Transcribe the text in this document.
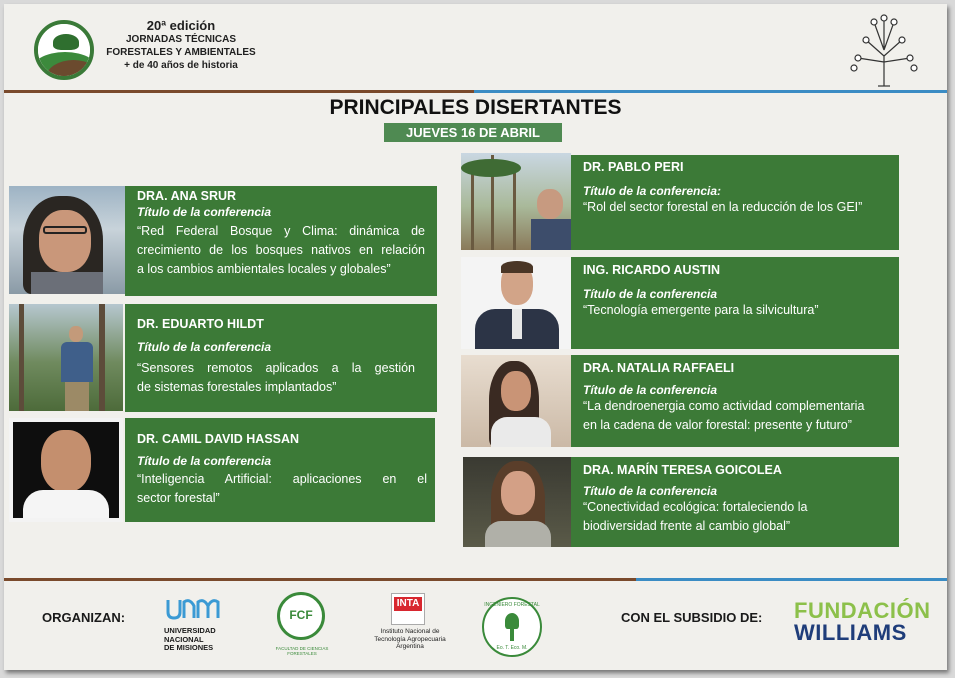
20ª edición
JORNADAS TÉCNICAS
FORESTALES Y AMBIENTALES
+ de 40 años de historia
PRINCIPALES DISERTANTES
JUEVES 16 DE ABRIL
DRA. ANA SRUR
Título de la conferencia
“Red Federal Bosque y Clima: dinámica de
crecimiento de los bosques nativos en relación
a los cambios ambientales locales y globales”
DR. EDUARTO HILDT
Título de la conferencia
“Sensores remotos aplicados a la gestión
de sistemas forestales implantados”
DR. CAMIL DAVID HASSAN
Título de la conferencia
“Inteligencia Artificial: aplicaciones en el
sector forestal”
DR. PABLO PERI
Título de la conferencia:
“Rol del sector forestal en la reducción de los GEI”
ING. RICARDO AUSTIN
Título de la conferencia
“Tecnología emergente para la silvicultura”
DRA. NATALIA RAFFAELI
Título de la conferencia
“La dendroenergia como actividad complementaria
en la cadena de valor forestal: presente y futuro”
DRA. MARÍN TERESA GOICOLEA
Título de la conferencia
“Conectividad ecológica: fortaleciendo la
biodiversidad frente al cambio global”
ORGANIZAN:
UNIVERSIDAD
NACIONAL
DE MISIONES
FCF
FACULTAD DE CIENCIAS FORESTALES
INTA
Instituto Nacional de
Tecnología Agropecuaria
Argentina
INGENIERO FORESTAL
Eo. T. Eco. M.
CON EL SUBSIDIO DE: FUNDACIÓN
WILLIAMS
